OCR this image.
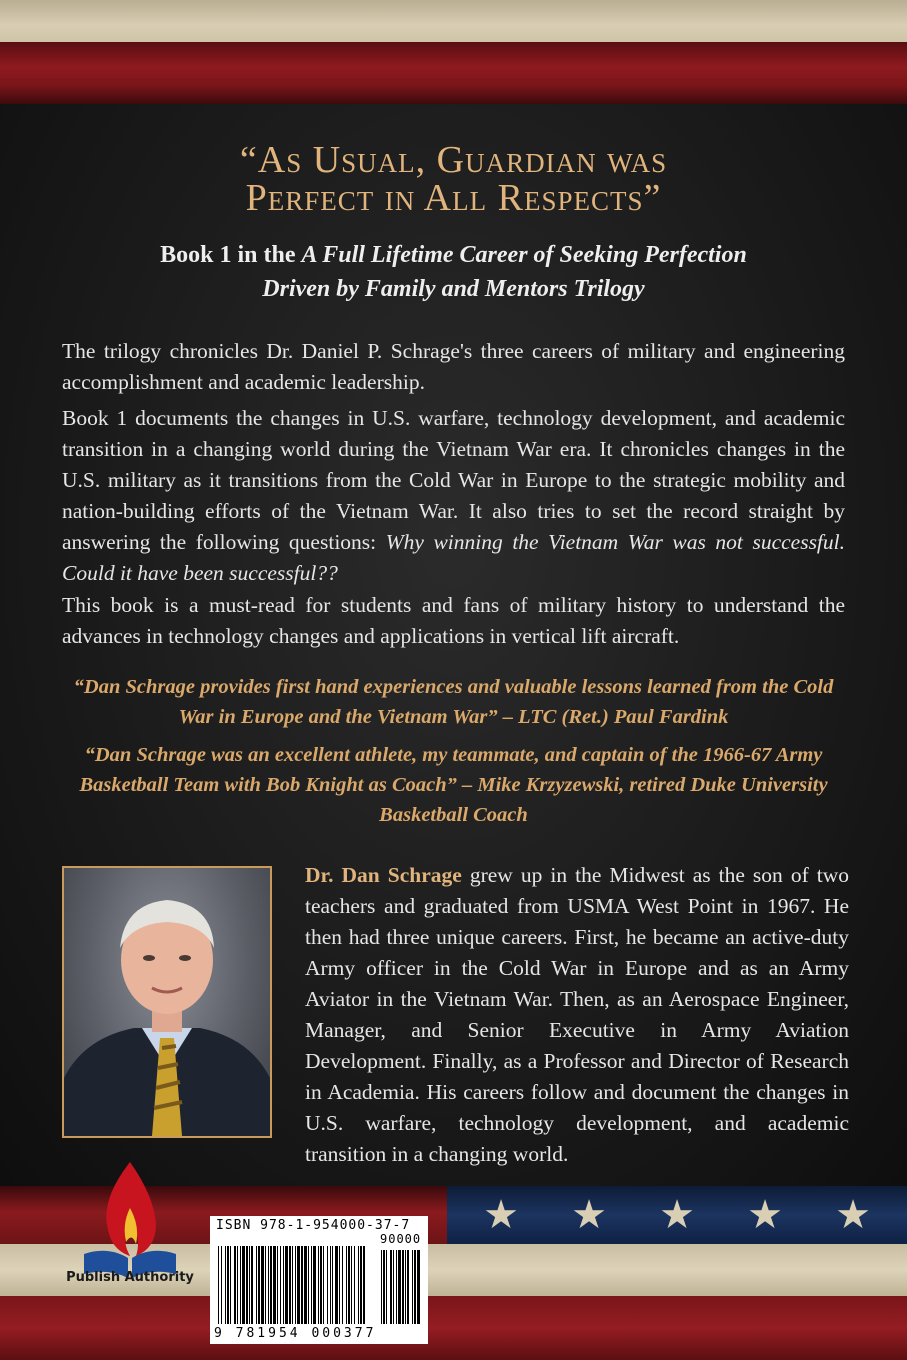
★ ★ ★ ★ ★
“As Usual, Guardian was
Perfect in All Respects”
Book 1 in the A Full Lifetime Career of Seeking Perfection
Driven by Family and Mentors Trilogy

The trilogy chronicles Dr. Daniel P. Schrage's three careers of military and engineering accomplishment and academic leadership.

Book 1 documents the changes in U.S. warfare, technology development, and academic transition in a changing world during the Vietnam War era. It chronicles changes in the U.S. military as it transitions from the Cold War in Europe to the strategic mobility and nation-building efforts of the Vietnam War. It also tries to set the record straight by answering the following questions: Why winning the Vietnam War was not successful. Could it have been successful??

This book is a must-read for students and fans of military history to understand the advances in technology changes and applications in vertical lift aircraft.

“Dan Schrage provides first hand experiences and valuable lessons learned from the Cold War in Europe and the Vietnam War” – LTC (Ret.) Paul Fardink
“Dan Schrage was an excellent athlete, my teammate, and captain of the 1966-67 Army Basketball Team with Bob Knight as Coach” – Mike Krzyzewski, retired Duke University Basketball Coach

Dr. Dan Schrage grew up in the Midwest as the son of two teachers and graduated from USMA West Point in 1967. He then had three unique careers. First, he became an active-duty Army officer in the Cold War in Europe and as an Army Aviator in the Vietnam War. Then, as an Aerospace Engineer, Manager, and Senior Executive in Army Aviation Development. Finally, as a Professor and Director of Research in Academia. His careers follow and document the changes in U.S. warfare, technology development, and academic transition in a changing world.

Publish Authority
ISBN 978-1-954000-37-7
90000
9 781954 000377
